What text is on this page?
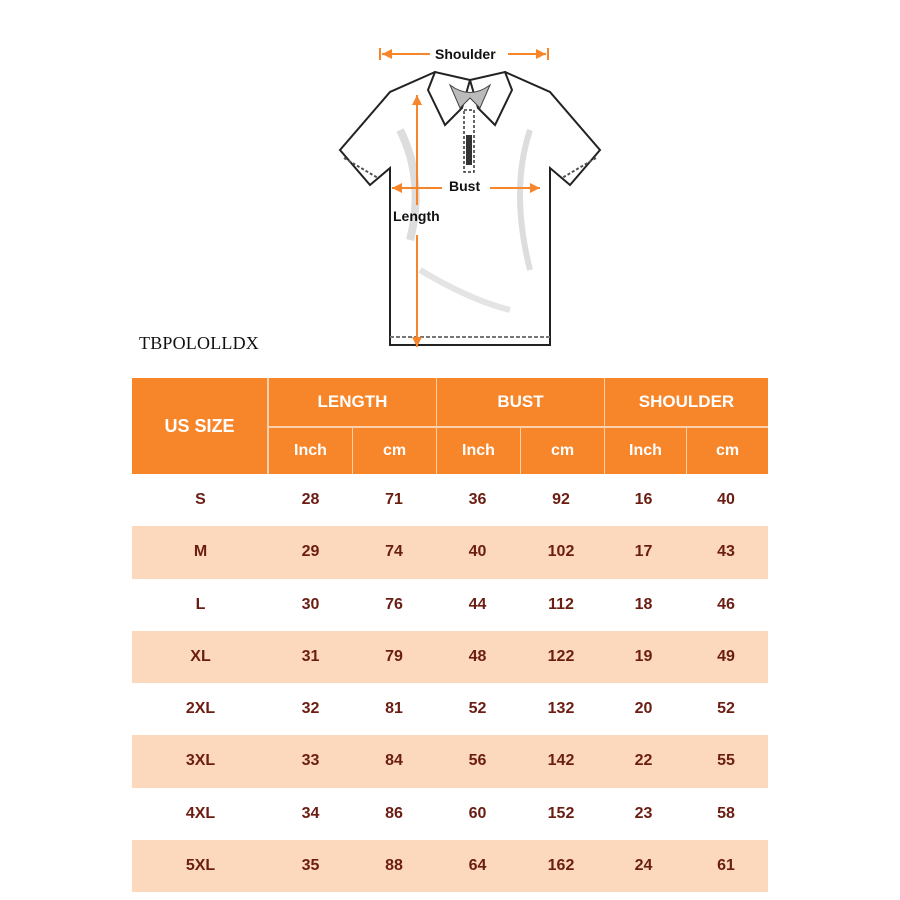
Shoulder
Bust
Length
TBPOLOLLDX
US SIZE
LENGTH	BUST	SHOULDER
Inch	cm	Inch	cm	Inch	cm
S	28	71	36	92	16	40
M	29	74	40	102	17	43
L	30	76	44	112	18	46
XL	31	79	48	122	19	49
2XL	32	81	52	132	20	52
3XL	33	84	56	142	22	55
4XL	34	86	60	152	23	58
5XL	35	88	64	162	24	61
